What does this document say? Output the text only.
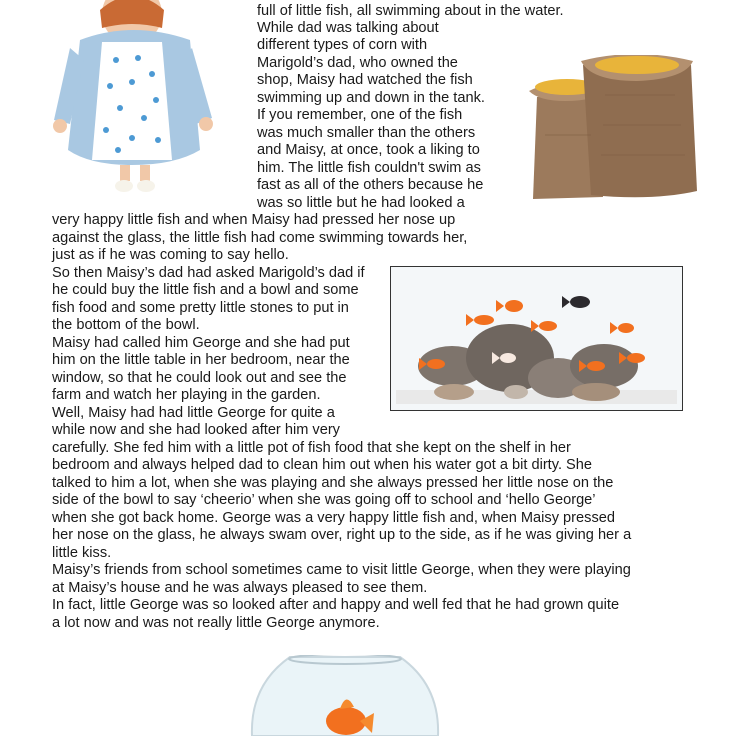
full of little fish, all swimming about in the water.
While dad was talking about
different types of corn with
Marigold’s dad, who owned the
shop, Maisy had watched the fish
swimming up and down in the tank.
If you remember, one of the fish
was much smaller than the others
and Maisy, at once, took a liking to
him. The little fish couldn't swim as
fast as all of the others because he
was so little but he had looked a
very happy little fish and when Maisy had pressed her nose up
against the glass, the little fish had come swimming towards her,
just as if he was coming to say hello.
So then Maisy’s dad had asked Marigold’s dad if
he could buy the little fish and a bowl and some
fish food and some pretty little stones to put in
the bottom of the bowl.
Maisy had called him George and she had put
him on the little table in her bedroom, near the
window, so that he could look out and see the
farm and watch her playing in the garden.
Well, Maisy had had little George for quite a
while now and she had looked after him very
carefully. She fed him with a little pot of fish food that she kept on the shelf in her
bedroom and always helped dad to clean him out when his water got a bit dirty. She
talked to him a lot, when she was playing and she always pressed her little nose on the
side of the bowl to say ‘cheerio’ when she was going off to school and ‘hello George’
when she got back home. George was a very happy little fish and, when Maisy pressed
her nose on the glass, he always swam over, right up to the side, as if he was giving her a
little kiss.
Maisy’s friends from school sometimes came to visit little George, when they were playing
at Maisy’s house and he was always pleased to see them.
In fact, little George was so looked after and happy and well fed that he had grown quite
a lot now and was not really little George anymore.
